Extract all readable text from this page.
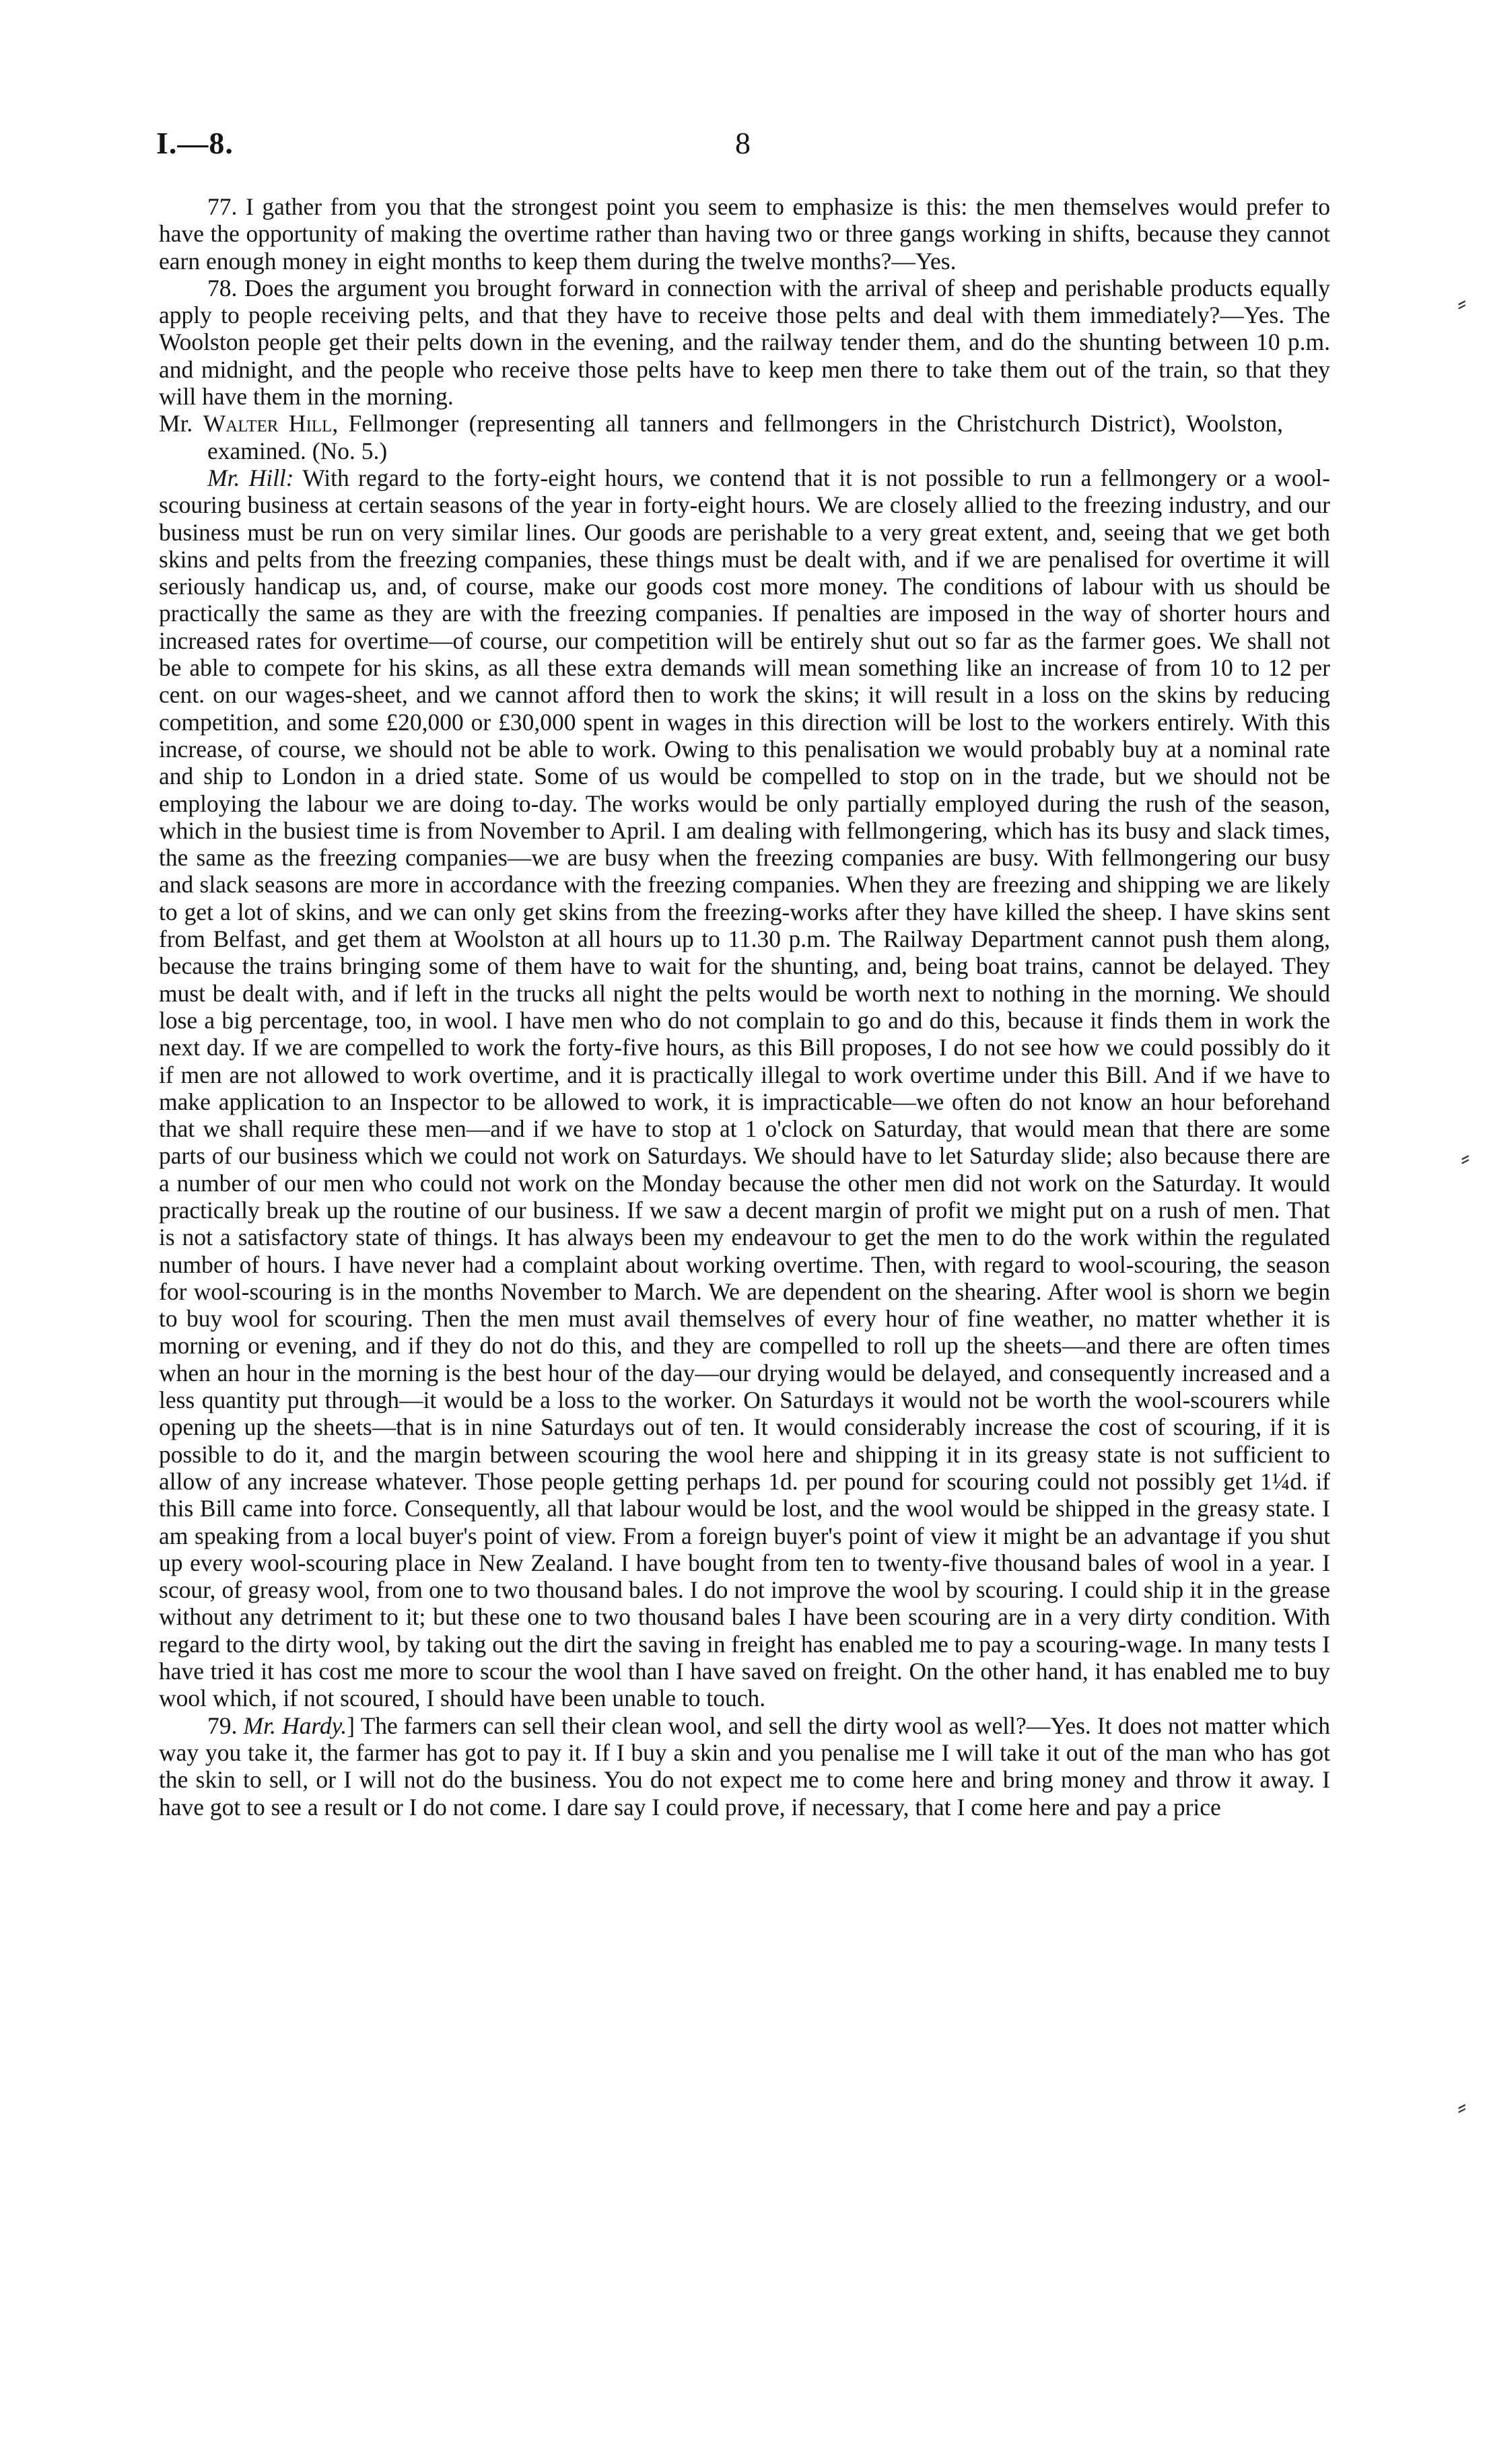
I.—8.	8

77. I gather from you that the strongest point you seem to emphasize is this: the men themselves would prefer to have the opportunity of making the overtime rather than having two or three gangs working in shifts, because they cannot earn enough money in eight months to keep them during the twelve months?—Yes.

78. Does the argument you brought forward in connection with the arrival of sheep and perishable products equally apply to people receiving pelts, and that they have to receive those pelts and deal with them immediately?—Yes. The Woolston people get their pelts down in the evening, and the railway tender them, and do the shunting between 10 p.m. and midnight, and the people who receive those pelts have to keep men there to take them out of the train, so that they will have them in the morning.

Mr. Walter Hill, Fellmonger (representing all tanners and fellmongers in the Christchurch District), Woolston, examined. (No. 5.)

Mr. Hill: With regard to the forty-eight hours, we contend that it is not possible to run a fellmongery or a wool-scouring business at certain seasons of the year in forty-eight hours. We are closely allied to the freezing industry, and our business must be run on very similar lines. Our goods are perishable to a very great extent, and, seeing that we get both skins and pelts from the freezing companies, these things must be dealt with, and if we are penalised for overtime it will seriously handicap us, and, of course, make our goods cost more money. The conditions of labour with us should be practically the same as they are with the freezing companies. If penalties are imposed in the way of shorter hours and increased rates for overtime—of course, our competition will be entirely shut out so far as the farmer goes. We shall not be able to compete for his skins, as all these extra demands will mean something like an increase of from 10 to 12 per cent. on our wages-sheet, and we cannot afford then to work the skins; it will result in a loss on the skins by reducing competition, and some £20,000 or £30,000 spent in wages in this direction will be lost to the workers entirely. With this increase, of course, we should not be able to work. Owing to this penalisation we would probably buy at a nominal rate and ship to London in a dried state. Some of us would be compelled to stop on in the trade, but we should not be employing the labour we are doing to-day. The works would be only partially employed during the rush of the season, which in the busiest time is from November to April. I am dealing with fellmongering, which has its busy and slack times, the same as the freezing companies—we are busy when the freezing companies are busy. With fellmongering our busy and slack seasons are more in accordance with the freezing companies. When they are freezing and shipping we are likely to get a lot of skins, and we can only get skins from the freezing-works after they have killed the sheep. I have skins sent from Belfast, and get them at Woolston at all hours up to 11.30 p.m. The Railway Department cannot push them along, because the trains bringing some of them have to wait for the shunting, and, being boat trains, cannot be delayed. They must be dealt with, and if left in the trucks all night the pelts would be worth next to nothing in the morning. We should lose a big percentage, too, in wool. I have men who do not complain to go and do this, because it finds them in work the next day. If we are compelled to work the forty-five hours, as this Bill proposes, I do not see how we could possibly do it if men are not allowed to work overtime, and it is practically illegal to work overtime under this Bill. And if we have to make application to an Inspector to be allowed to work, it is impracticable—we often do not know an hour beforehand that we shall require these men—and if we have to stop at 1 o'clock on Saturday, that would mean that there are some parts of our business which we could not work on Saturdays. We should have to let Saturday slide; also because there are a number of our men who could not work on the Monday because the other men did not work on the Saturday. It would practically break up the routine of our business. If we saw a decent margin of profit we might put on a rush of men. That is not a satisfactory state of things. It has always been my endeavour to get the men to do the work within the regulated number of hours. I have never had a complaint about working overtime. Then, with regard to wool-scouring, the season for wool-scouring is in the months November to March. We are dependent on the shearing. After wool is shorn we begin to buy wool for scouring. Then the men must avail themselves of every hour of fine weather, no matter whether it is morning or evening, and if they do not do this, and they are compelled to roll up the sheets—and there are often times when an hour in the morning is the best hour of the day—our drying would be delayed, and consequently increased and a less quantity put through—it would be a loss to the worker. On Saturdays it would not be worth the wool-scourers while opening up the sheets—that is in nine Saturdays out of ten. It would considerably increase the cost of scouring, if it is possible to do it, and the margin between scouring the wool here and shipping it in its greasy state is not sufficient to allow of any increase whatever. Those people getting perhaps 1d. per pound for scouring could not possibly get 1¼d. if this Bill came into force. Consequently, all that labour would be lost, and the wool would be shipped in the greasy state. I am speaking from a local buyer's point of view. From a foreign buyer's point of view it might be an advantage if you shut up every wool-scouring place in New Zealand. I have bought from ten to twenty-five thousand bales of wool in a year. I scour, of greasy wool, from one to two thousand bales. I do not improve the wool by scouring. I could ship it in the grease without any detriment to it; but these one to two thousand bales I have been scouring are in a very dirty condition. With regard to the dirty wool, by taking out the dirt the saving in freight has enabled me to pay a scouring-wage. In many tests I have tried it has cost me more to scour the wool than I have saved on freight. On the other hand, it has enabled me to buy wool which, if not scoured, I should have been unable to touch.

79. Mr. Hardy.] The farmers can sell their clean wool, and sell the dirty wool as well?—Yes. It does not matter which way you take it, the farmer has got to pay it. If I buy a skin and you penalise me I will take it out of the man who has got the skin to sell, or I will not do the business. You do not expect me to come here and bring money and throw it away. I have got to see a result or I do not come. I dare say I could prove, if necessary, that I come here and pay a price

⸗
⸗
⸗
